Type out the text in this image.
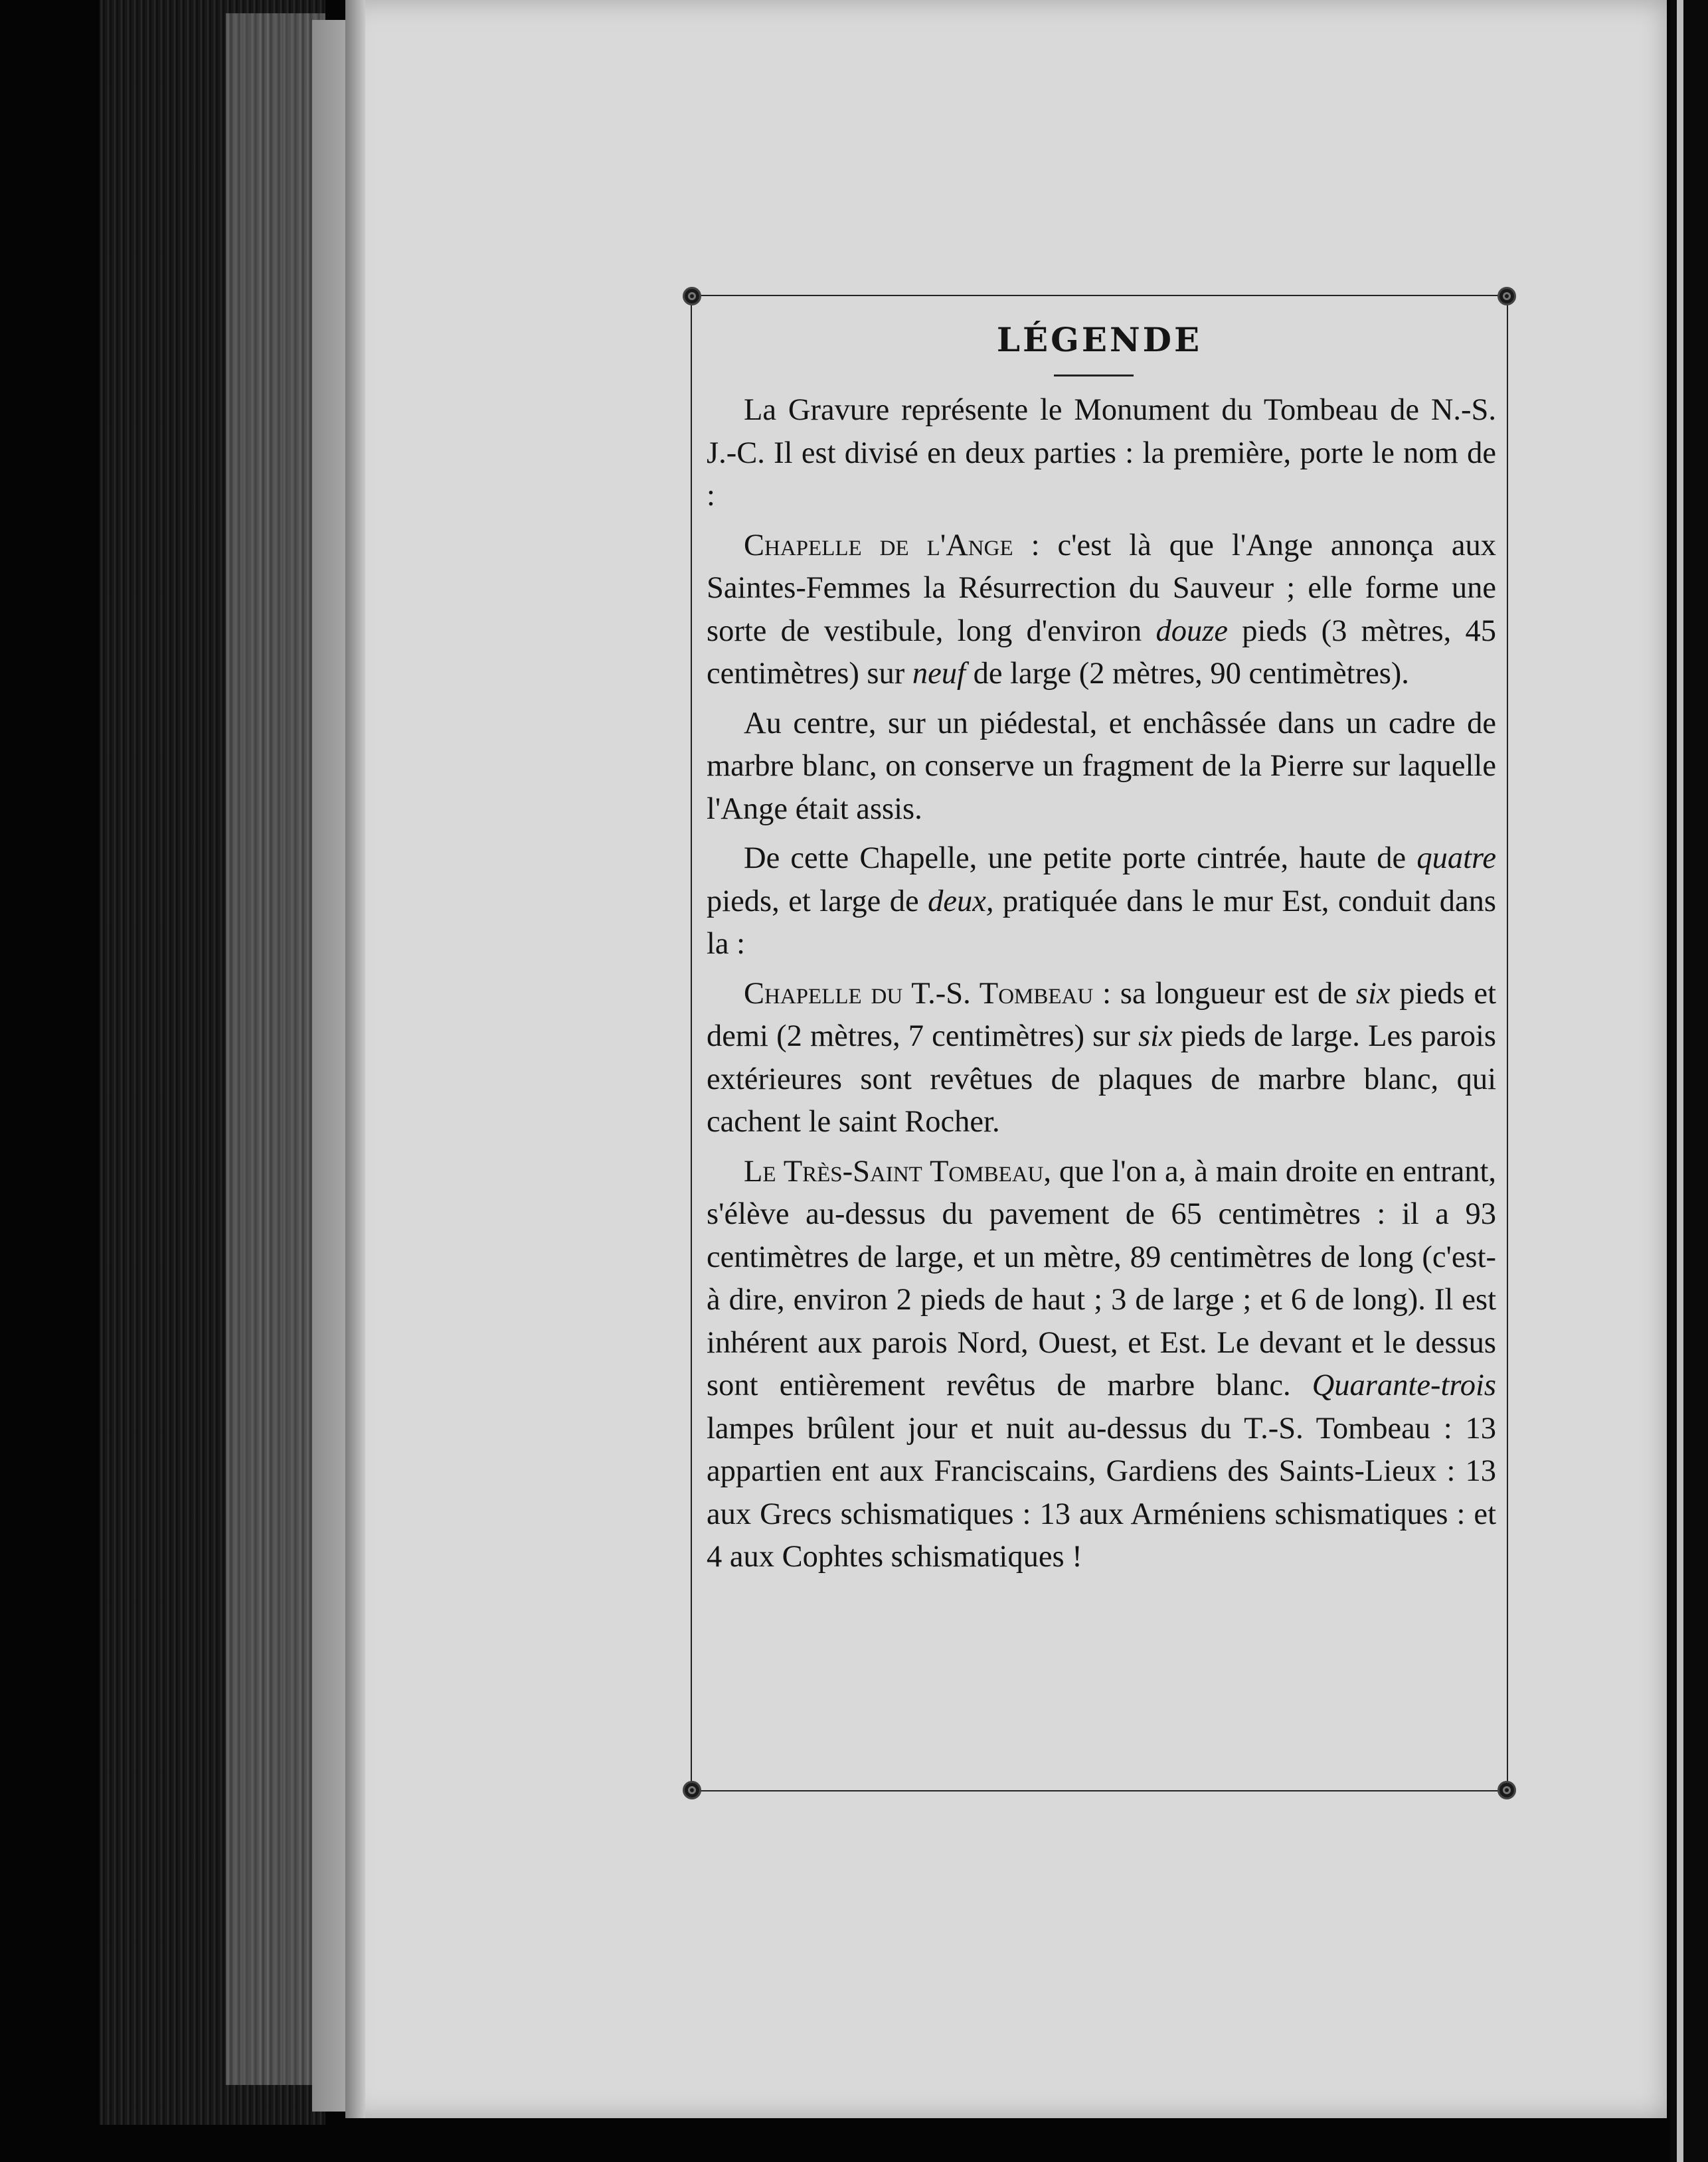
LÉGENDE

La Gravure représente le Monument du Tombeau de N.-S. J.-C. Il est divisé en deux parties : la première, porte le nom de :

Chapelle de l'Ange : c'est là que l'Ange annonça aux Saintes-Femmes la Résurrection du Sauveur ; elle forme une sorte de vestibule, long d'environ douze pieds (3 mètres, 45 centimètres) sur neuf de large (2 mètres, 90 centimètres).

Au centre, sur un piédestal, et enchâssée dans un cadre de marbre blanc, on conserve un fragment de la Pierre sur laquelle l'Ange était assis.

De cette Chapelle, une petite porte cintrée, haute de quatre pieds, et large de deux, pratiquée dans le mur Est, conduit dans la :

Chapelle du T.-S. Tombeau : sa longueur est de six pieds et demi (2 mètres, 7 centimètres) sur six pieds de large. Les parois extérieures sont revêtues de plaques de marbre blanc, qui cachent le saint Rocher.

Le Très-Saint Tombeau, que l'on a, à main droite en entrant, s'élève au-dessus du pavement de 65 centimètres : il a 93 centimètres de large, et un mètre, 89 centimètres de long (c'est-à dire, environ 2 pieds de haut ; 3 de large ; et 6 de long). Il est inhérent aux parois Nord, Ouest, et Est. Le devant et le dessus sont entièrement revêtus de marbre blanc. Quarante-trois lampes brûlent jour et nuit au-dessus du T.-S. Tombeau : 13 appartien ent aux Franciscains, Gardiens des Saints-Lieux : 13 aux Grecs schismatiques : 13 aux Arméniens schismatiques : et 4 aux Cophtes schismatiques !
